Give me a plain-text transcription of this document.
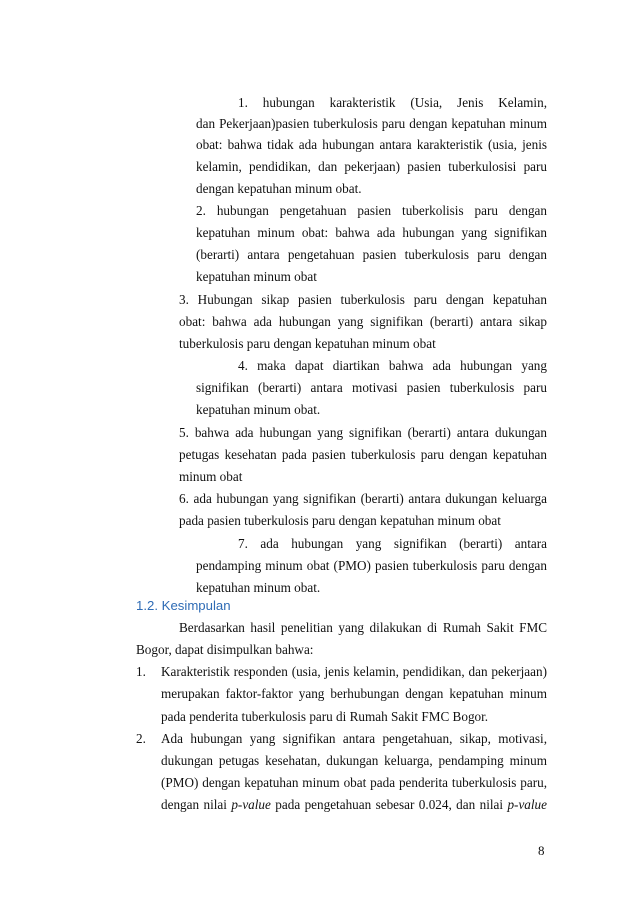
1. hubungan karakteristik (Usia, Jenis Kelamin,
dan Pekerjaan)pasien tuberkulosis paru dengan kepatuhan minum
obat: bahwa tidak ada hubungan antara karakteristik (usia, jenis
kelamin, pendidikan, dan pekerjaan) pasien tuberkulosisi paru
dengan kepatuhan minum obat.
2. hubungan pengetahuan pasien tuberkolisis paru dengan
kepatuhan minum obat: bahwa ada hubungan yang signifikan
(berarti) antara pengetahuan pasien tuberkulosis paru dengan
kepatuhan minum obat
3. Hubungan sikap pasien tuberkulosis paru dengan kepatuhan
obat: bahwa ada hubungan yang signifikan (berarti) antara sikap
tuberkulosis paru dengan kepatuhan minum obat
4. maka dapat diartikan bahwa ada hubungan yang
signifikan (berarti) antara motivasi pasien tuberkulosis paru
kepatuhan minum obat.
5. bahwa ada hubungan yang signifikan (berarti) antara dukungan
petugas kesehatan pada pasien tuberkulosis paru dengan kepatuhan
minum obat
6. ada hubungan yang signifikan (berarti) antara dukungan keluarga
pada pasien tuberkulosis paru dengan kepatuhan minum obat
7. ada hubungan yang signifikan (berarti) antara
pendamping minum obat (PMO) pasien tuberkulosis paru dengan
kepatuhan minum obat.
1.2. Kesimpulan
Berdasarkan hasil penelitian yang dilakukan di Rumah Sakit FMC
Bogor, dapat disimpulkan bahwa:
1. Karakteristik responden (usia, jenis kelamin, pendidikan, dan pekerjaan)
merupakan faktor-faktor yang berhubungan dengan kepatuhan minum
pada penderita tuberkulosis paru di Rumah Sakit FMC Bogor.
2. Ada hubungan yang signifikan antara pengetahuan, sikap, motivasi,
dukungan petugas kesehatan, dukungan keluarga, pendamping minum
(PMO) dengan kepatuhan minum obat pada penderita tuberkulosis paru,
dengan nilai p-value pada pengetahuan sebesar 0.024, dan nilai p-value
8
